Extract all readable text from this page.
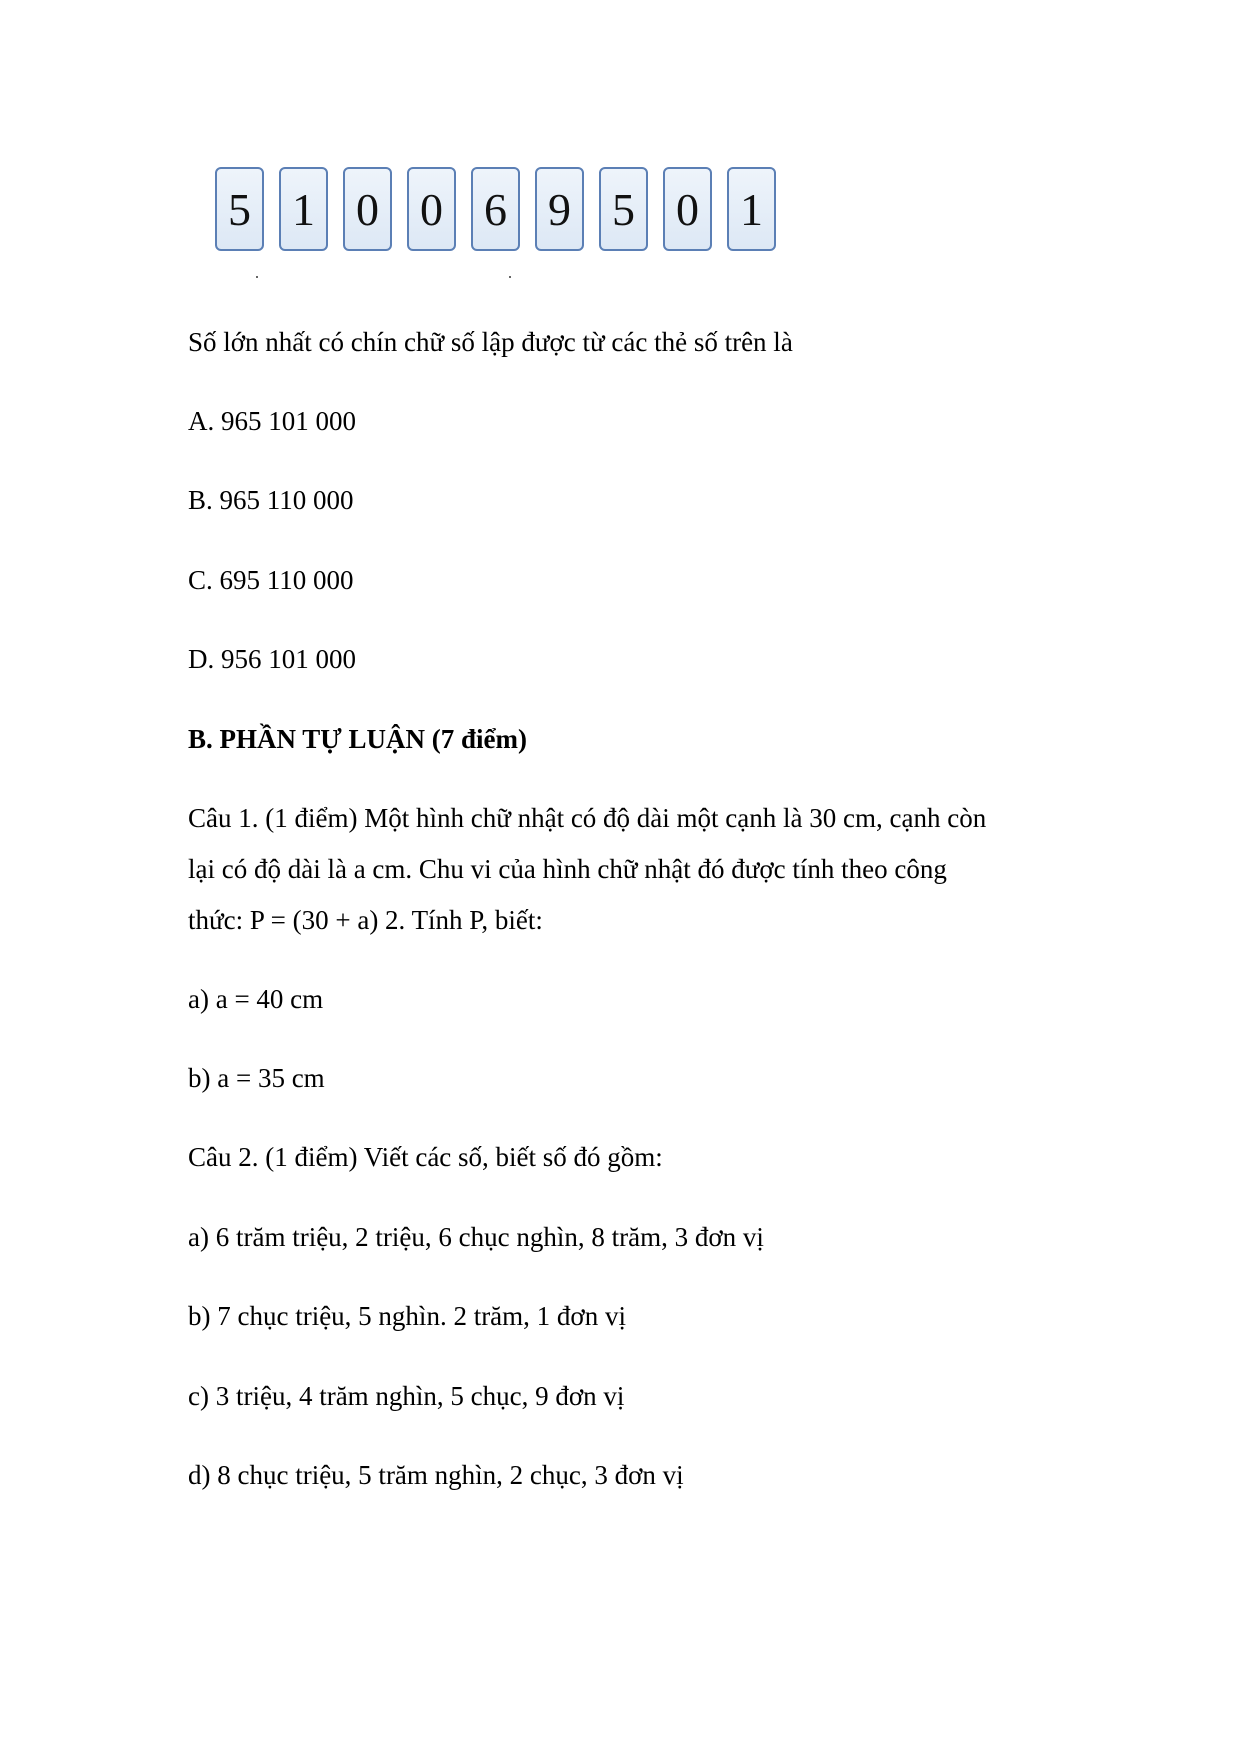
5 1 0 0 6 9 5 0 1
Số lớn nhất có chín chữ số lập được từ các thẻ số trên là
A. 965 101 000
B. 965 110 000
C. 695 110 000
D. 956 101 000
B. PHẦN TỰ LUẬN (7 điểm)
Câu 1. (1 điểm) Một hình chữ nhật có độ dài một cạnh là 30 cm, cạnh còn
lại có độ dài là a cm. Chu vi của hình chữ nhật đó được tính theo công
thức: P = (30 + a) 2. Tính P, biết:
a) a = 40 cm
b) a = 35 cm
Câu 2. (1 điểm) Viết các số, biết số đó gồm:
a) 6 trăm triệu, 2 triệu, 6 chục nghìn, 8 trăm, 3 đơn vị
b) 7 chục triệu, 5 nghìn. 2 trăm, 1 đơn vị
c) 3 triệu, 4 trăm nghìn, 5 chục, 9 đơn vị
d) 8 chục triệu, 5 trăm nghìn, 2 chục, 3 đơn vị
